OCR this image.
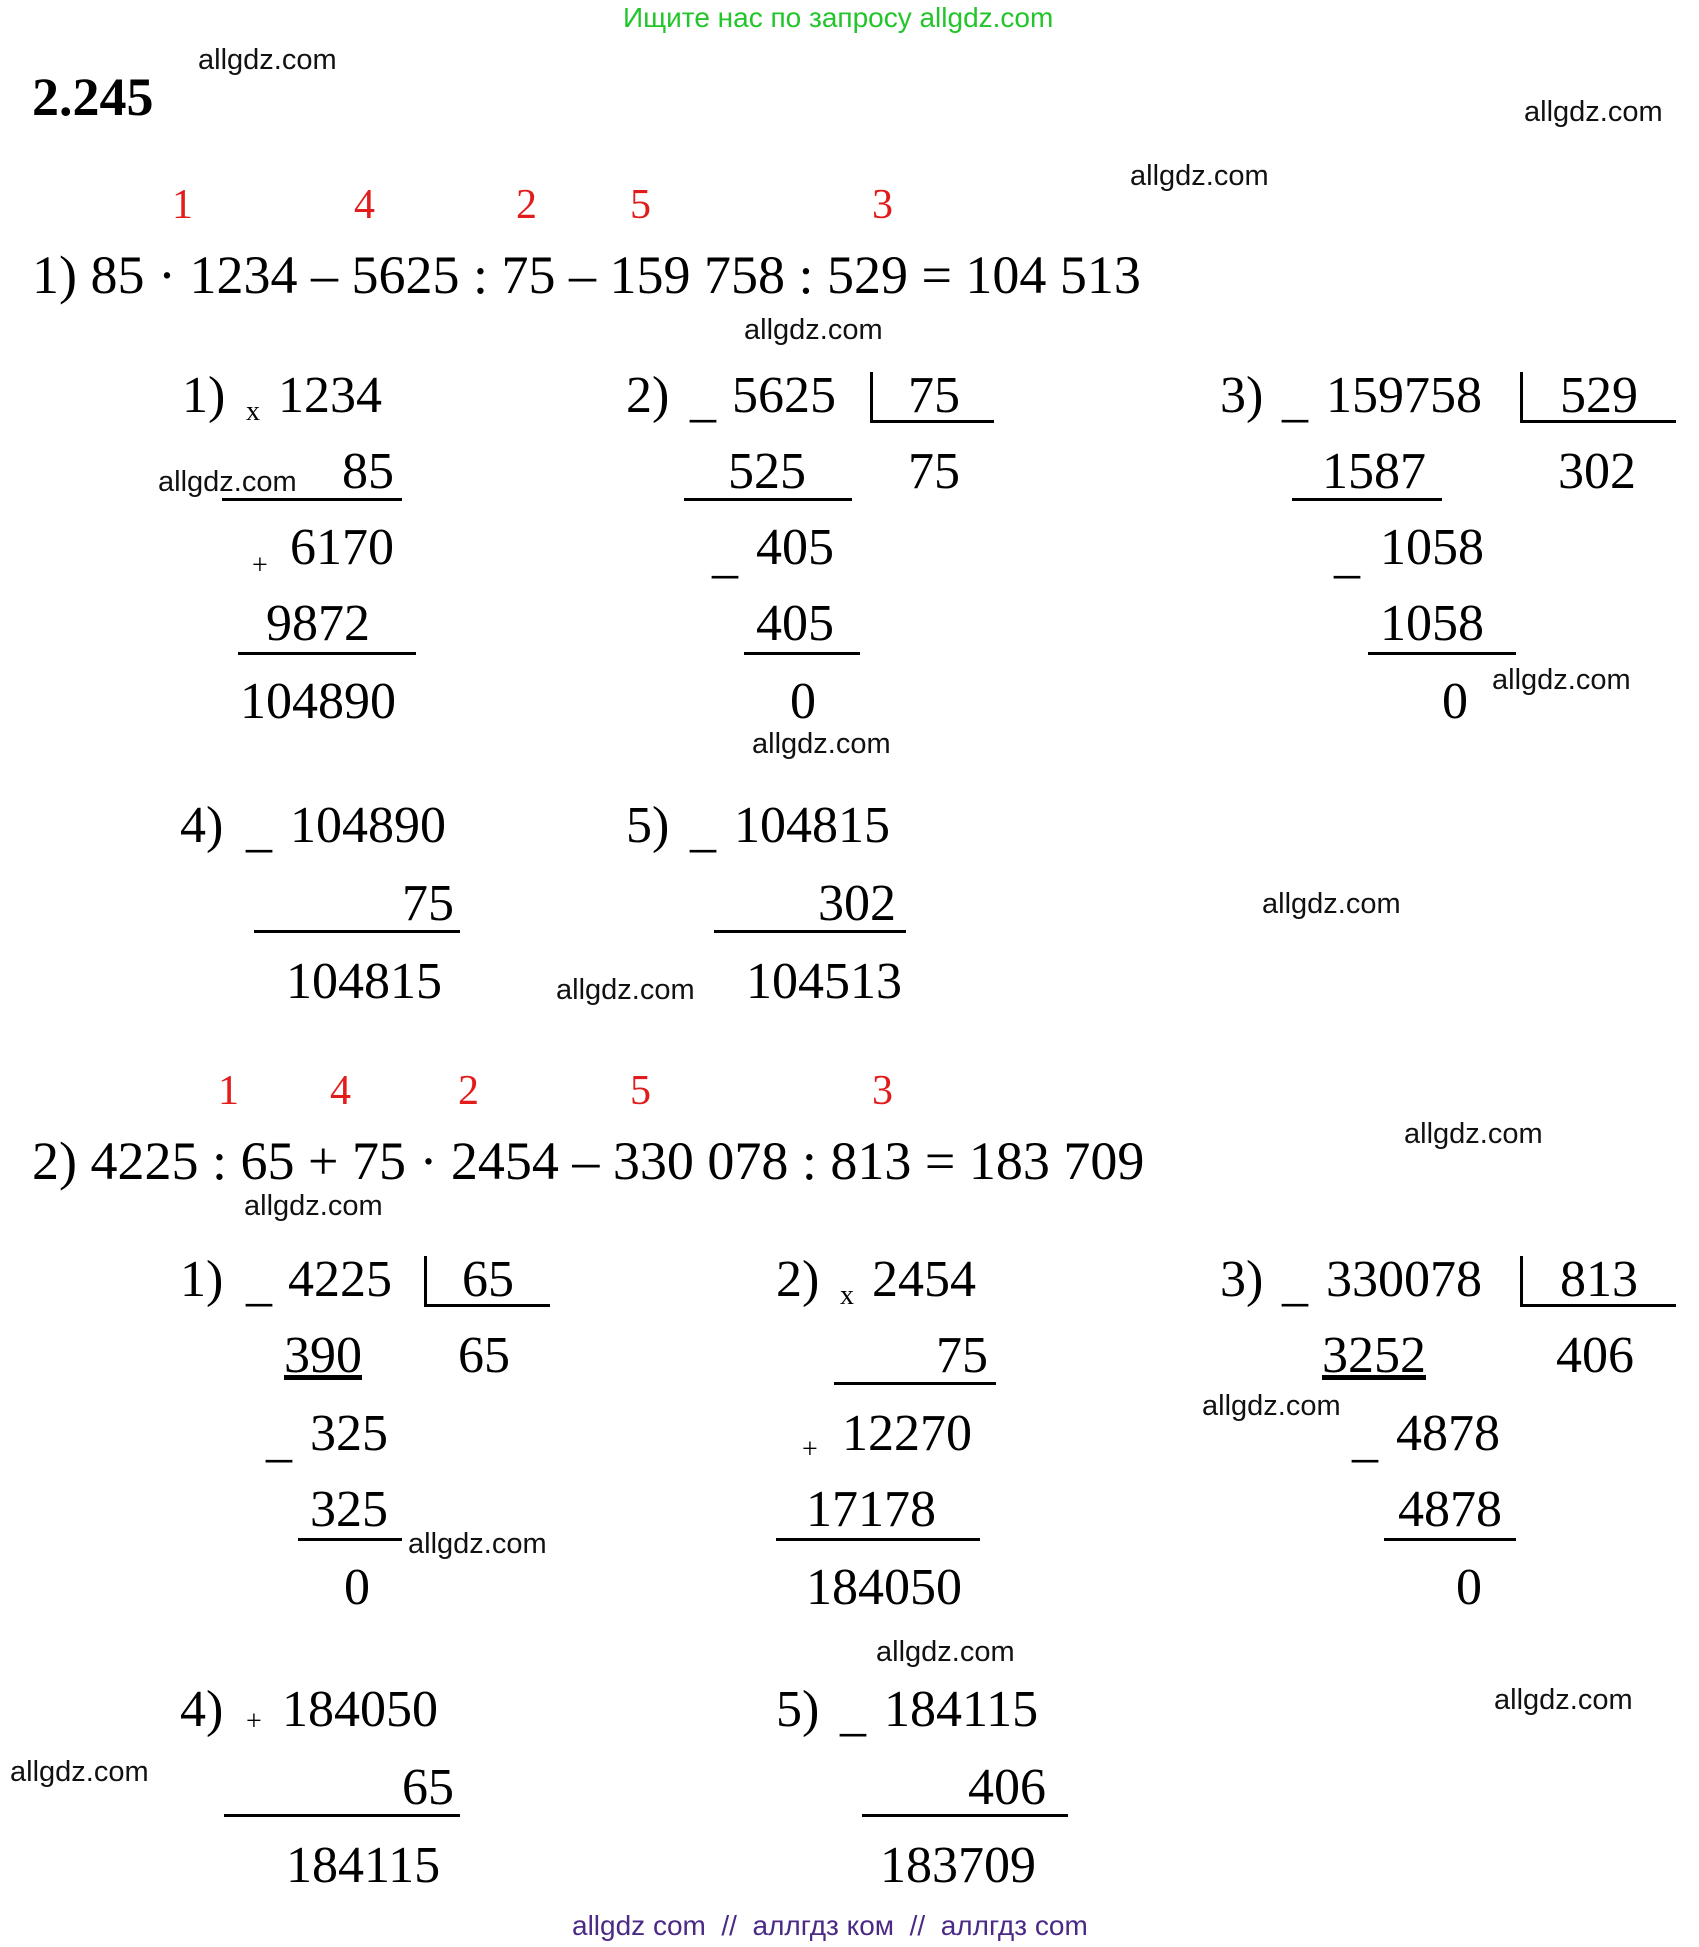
Ищите нас по запросу allgdz.com
2.245
allgdz.com
allgdz.com
allgdz.com
allgdz.com
allgdz.com
allgdz.com
allgdz.com
allgdz.com
allgdz.com
allgdz.com
allgdz.com
allgdz.com
allgdz.com
allgdz.com
allgdz.com
allgdz.com
1	4	2 5	3
1) 85 · 1234 – 5625 : 75 – 159 758 : 529 = 104 513
1) x 1234
85
+ 6170
9872
104890
2) _ 5625 75
525 75
_ 405
405
0
3) _ 159758 529
1587	302
_ 1058
1058
0
4) _ 104890
75
104815
5) _ 104815
302
104513
1 4	2	5	3
2) 4225 : 65 + 75 · 2454 – 330 078 : 813 = 183 709
1) _ 4225 65
390 65
_ 325
325
0
2) x 2454
75
+ 12270
17178
184050
3) _ 330078 813
3252	406
_ 4878
4878
0
4) + 184050
65
184115
5) _ 184115
406
183709
allgdz com  //  аллгдз ком  //  аллгдз com
